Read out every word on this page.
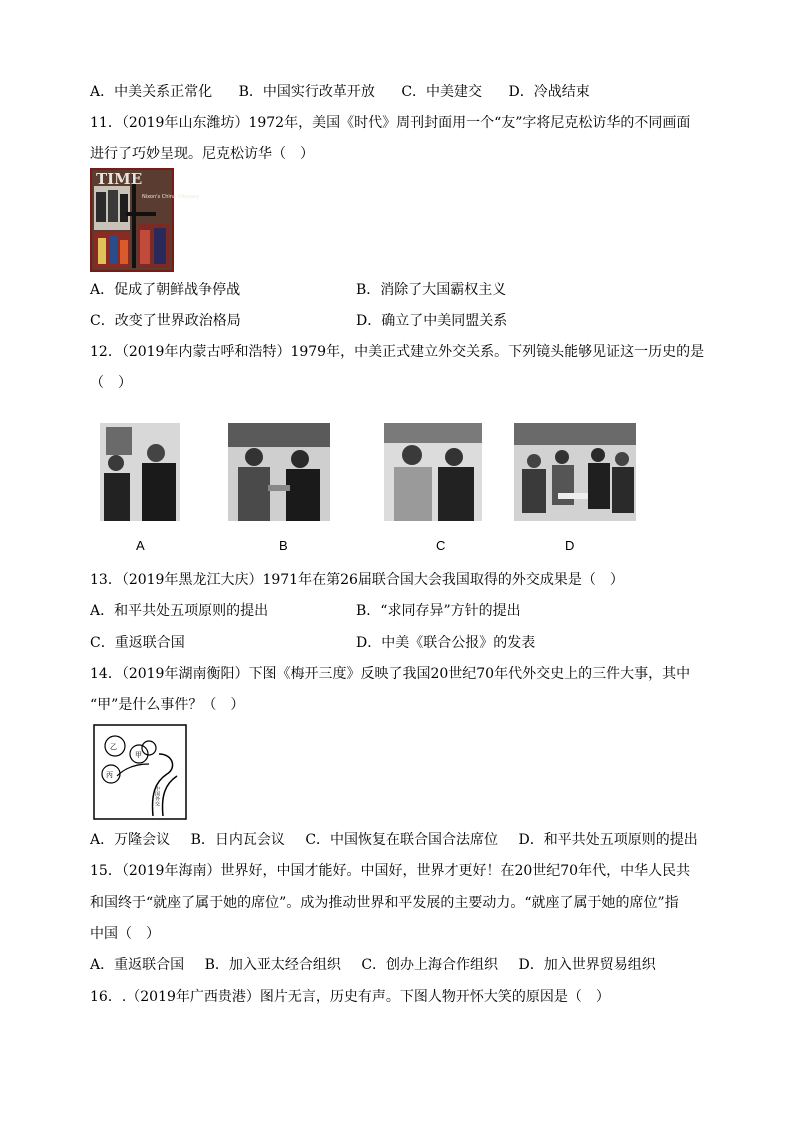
A．中美关系正常化 B．中国实行改革开放 C．中美建交 D．冷战结束
11．（2019年山东潍坊）1972年，美国《时代》周刊封面用一个“友”字将尼克松访华的不同画面
进行了巧妙呈现。尼克松访华（　）
TIME
Nixon's China Odyssey
A．促成了朝鲜战争停战	B．消除了大国霸权主义
C．改变了世界政治格局	D．确立了中美同盟关系
12．（2019年内蒙古呼和浩特）1979年，中美正式建立外交关系。下列镜头能够见证这一历史的是
（　）
A	B	C	D
13．（2019年黑龙江大庆）1971年在第26届联合国大会我国取得的外交成果是（　）
A．和平共处五项原则的提出	B．“求同存异”方针的提出
C．重返联合国	D．中美《联合公报》的发表
14．（2019年湖南衡阳）下图《梅开三度》反映了我国20世纪70年代外交史上的三件大事，其中
“甲”是什么事件？（　）
乙
甲
丙
中国外交
A．万隆会议 B．日内瓦会议 C．中国恢复在联合国合法席位 D．和平共处五项原则的提出
15．（2019年海南）世界好，中国才能好。中国好，世界才更好！在20世纪70年代，中华人民共
和国终于“就座了属于她的席位”。成为推动世界和平发展的主要动力。“就座了属于她的席位”指
中国（　）
A．重返联合国 B．加入亚太经合组织 C．创办上海合作组织 D．加入世界贸易组织
16．.（2019年广西贵港）图片无言，历史有声。下图人物开怀大笑的原因是（　）
